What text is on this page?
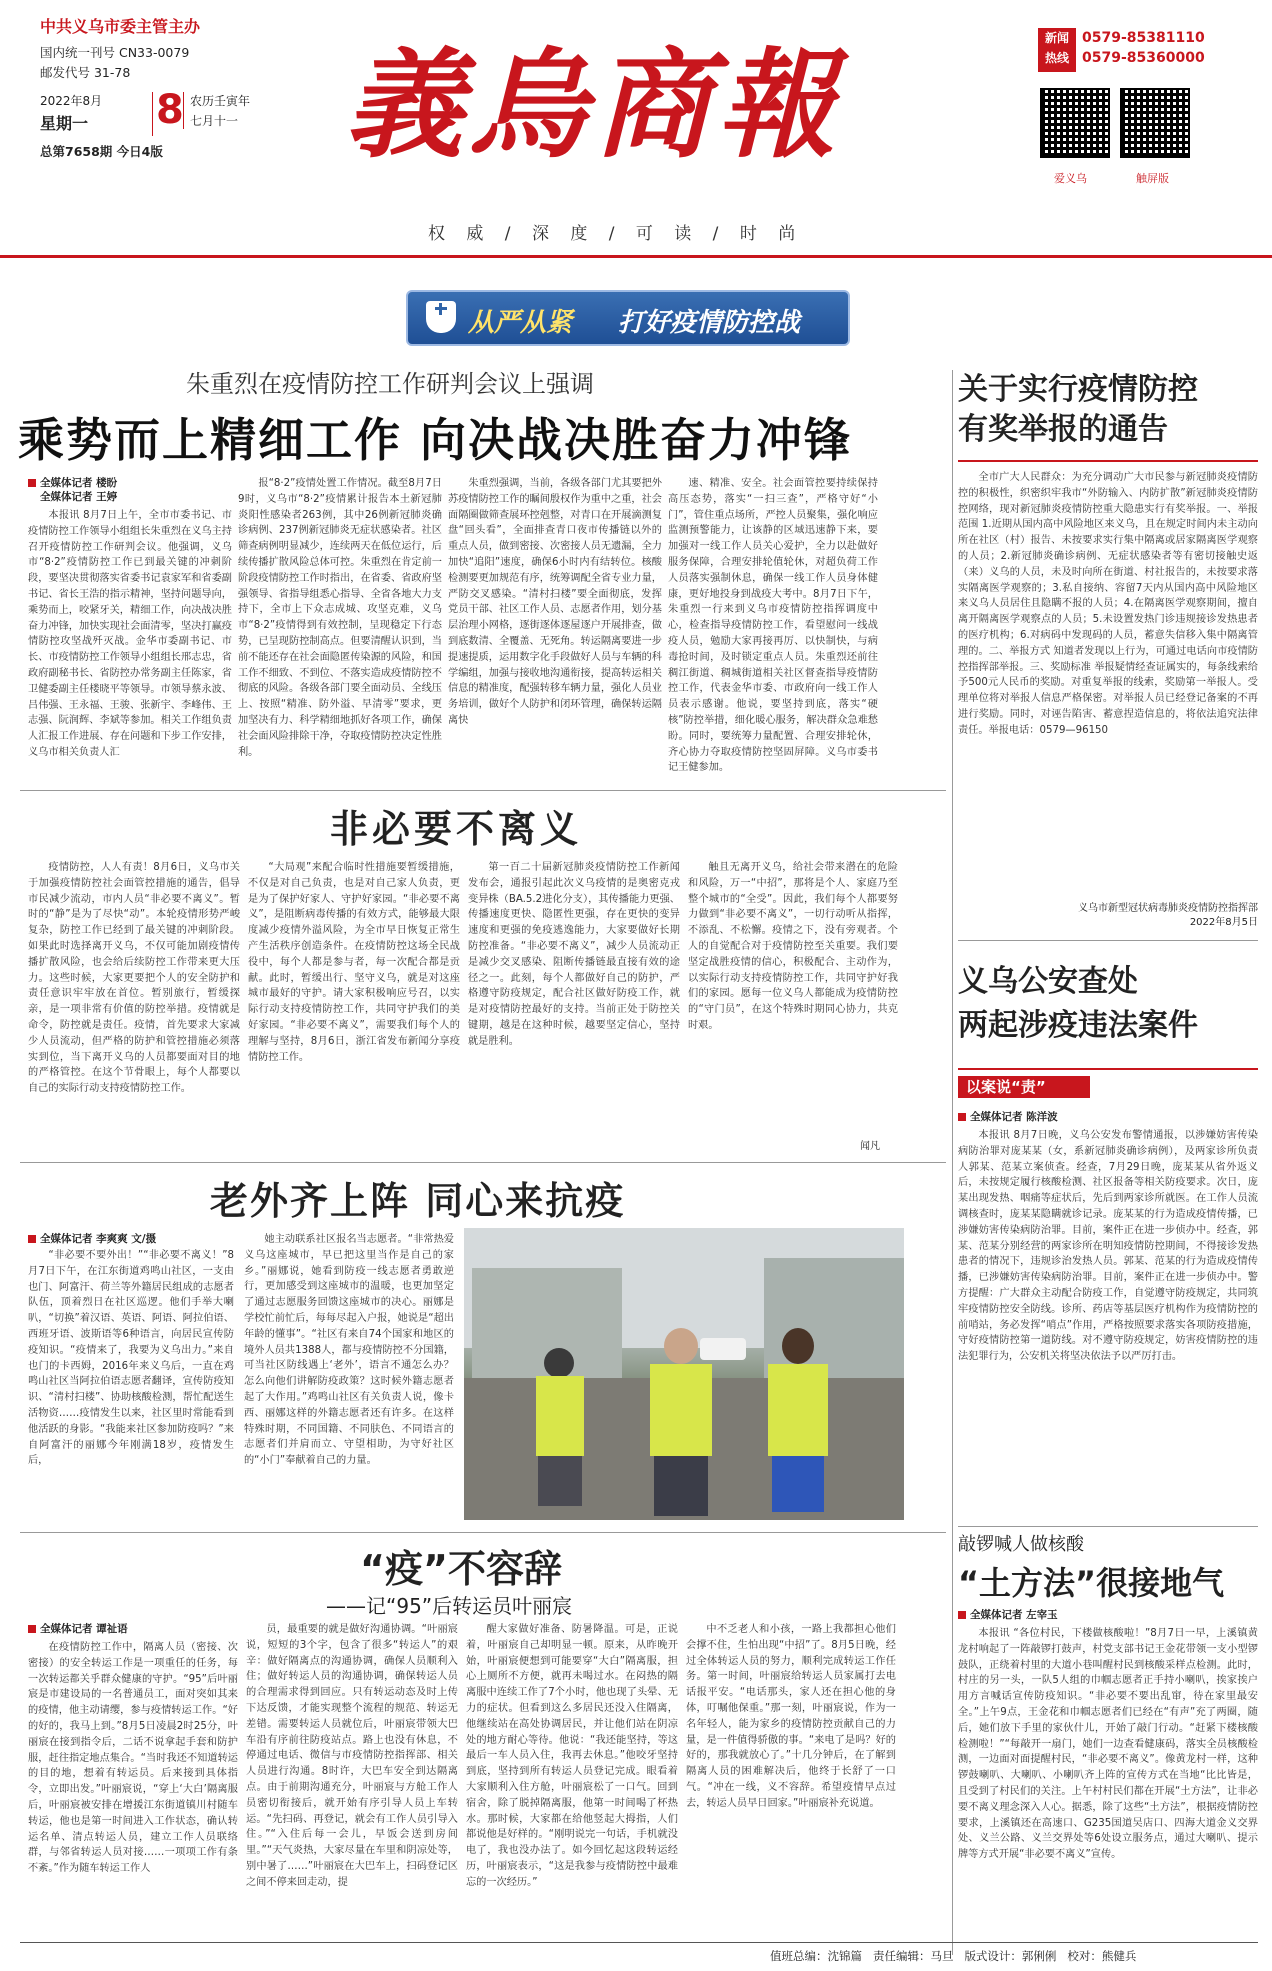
中共义乌市委主管主办
国内统一刊号 CN33-0079
邮发代号 31-78
2022年8月
星期一	8 农历壬寅年
七月十一
总第7658期 今日4版 義烏商報
权 威 / 深 度 / 可 读 / 时 尚
新闻
热线
0579-85381110
0579-85360000
爱义乌	触屏版
从严从紧 打好疫情防控战
朱重烈在疫情防控工作研判会议上强调
乘势而上精细工作 向决战决胜奋力冲锋
全媒体记者 楼盼
全媒体记者 王婷

本报讯 8月7日上午，全市市委书记、市疫情防控工作领导小组组长朱重烈在义乌主持召开疫情防控工作研判会议。他强调，义乌市“8·2”疫情防控工作已到最关键的冲刺阶段，要坚决贯彻落实省委书记袁家军和省委副书记、省长王浩的指示精神，坚持问题导向，乘势而上，咬紧牙关，精细工作，向决战决胜奋力冲锋，加快实现社会面清零，坚决打赢疫情防控攻坚战歼灭战。金华市委副书记、市长、市疫情防控工作领导小组组长邢志忠，省政府副秘书长、省防控办常务副主任陈家，省卫健委副主任楼晓平等领导。市领导蔡永波、吕伟强、王永福、王骏、张新宇、李峰伟、王志强、阮润辉、李斌等参加。相关工作组负责人汇报工作进展、存在问题和下步工作安排，义乌市相关负责人汇

报“8·2”疫情处置工作情况。截至8月7日9时，义乌市“8·2”疫情累计报告本土新冠肺炎阳性感染者263例，其中26例新冠肺炎确诊病例、237例新冠肺炎无症状感染者。社区筛查病例明显减少，连续两天在低位运行，后续传播扩散风险总体可控。朱重烈在肯定前一阶段疫情防控工作时指出，在省委、省政府坚强领导、省指导组悉心指导、全省各地大力支持下，全市上下众志成城、攻坚克难，义乌市“8·2”疫情得到有效控制，呈现稳定下行态势，已呈现防控制高点。但要清醒认识到，当前不能还存在社会面隐匿传染源的风险，和国工作不细致、不到位、不落实造成疫情防控不彻底的风险。各级各部门要全面动员、全线压上、按照“精准、防外溢、早清零”要求，更加坚决有力、科学精细地抓好各项工作，确保社会面风险排除干净，夺取疫情防控决定性胜利。

朱重烈强调，当前，各级各部门尤其要把外苏疫情防控工作的瞩间殷权作为重中之重，社会面隔圈做筛查展环控剋整，对青口在开展滴测复盘“回头看”，全面排查青口夜市传播链以外的重点人员，做到密接、次密接人员无遗漏，全力加快“追阳”速度，确保6小时内有结转位。核酸检测要更加规范有序，统筹调配全省专业力量，严防交叉感染。“清村扫楼”要全面彻底，发挥党员干部、社区工作人员、志愿者作用，划分基层治理小网格，逐街逐体逐屋逐户开展排查，做到底数清、全覆盖、无死角。转运隔离要进一步提速提质，运用数字化手段做好人员与车辆的科学编组，加强与接收地沟通衔接，提高转运相关信息的精准度，配强转移车辆力量，强化人员业务培训，做好个人防护和闭环管理，确保转运隔离快

速、精准、安全。社会面管控要持续保持高压态势，落实“一扫三查”，严格守好“小门”，管住重点场所，严控人员聚集，强化响应监测预警能力，让该静的区域迅速静下来，要加强对一线工作人员关心爱护，全力以赴做好服务保障，合理安排轮值轮休，对超负荷工作人员落实强制休息，确保一线工作人员身体健康，更好地投身到战疫大考中。8月7日下午，朱重烈一行来到义乌市疫情防控指挥调度中心，检查指导疫情防控工作，看望慰问一线战疫人员，勉励大家再接再厉、以快制快，与病毒抢时间，及时锁定重点人员。朱重烈还前往稠江街道、稠城街道相关社区督查指导疫情防控工作，代表金华市委、市政府向一线工作人员表示感谢。他说，要坚持到底，落实“硬核”防控举措，细化暖心服务，解决群众急难愁盼。同时，要统筹力量配置、合理安排轮休，齐心协力夺取疫情防控坚固屏障。义乌市委书记王健参加。

关于实行疫情防控
有奖举报的通告

全市广大人民群众：为充分调动广大市民参与新冠肺炎疫情防控的积极性，织密织牢我市“外防输入、内防扩散”新冠肺炎疫情防控网络，现对新冠肺炎疫情防控重大隐患实行有奖举报。一、举报范围 1.近期从国内高中风险地区来义乌，且在规定时间内未主动向所在社区（村）报告、未按要求实行集中隔离或居家隔离医学观察的人员；2.新冠肺炎确诊病例、无症状感染者等有密切接触史返（来）义乌的人员，未及时向所在街道、村社报告的，未按要求落实隔离医学观察的；3.私自接纳、容留7天内从国内高中风险地区来义乌人员居住且隐瞒不报的人员；4.在隔离医学观察期间，擅自离开隔离医学观察点的人员；5.未设置发热门诊违规接诊发热患者的医疗机构；6.对病码中发现码的人员，蓄意失信移入集中隔离管理的。二、举报方式 知道者发现以上行为，可通过电话向市疫情防控指挥部举报。三、奖励标准 举报疑情经查证属实的，每条线索给予500元人民币的奖励。对重复举报的线索，奖励第一举报人。受理单位将对举报人信息严格保密。对举报人员已经登记备案的不再进行奖励。同时，对诬告陷害、蓄意捏造信息的，将依法追究法律责任。举报电话：0579—96150

义乌市新型冠状病毒肺炎疫情防控指挥部
2022年8月5日
义乌公安查处
两起涉疫违法案件
以案说“责”
全媒体记者 陈洋波

本报讯 8月7日晚，义乌公安发布警情通报，以涉嫌妨害传染病防治罪对庞某某（女，系新冠肺炎确诊病例），及两家诊所负责人郭某、范某立案侦查。经查，7月29日晚，庞某某从省外返义后，未按规定履行核酸检测、社区报备等相关防疫要求。次日，庞某出现发热、咽痛等症状后，先后到两家诊所就医。在工作人员流调核查时，庞某某隐瞒就诊记录。庞某某的行为造成疫情传播，已涉嫌妨害传染病防治罪。目前，案件正在进一步侦办中。经查，郭某、范某分别经营的两家诊所在明知疫情防控期间，不得接诊发热患者的情况下，违规诊治发热人员。郭某、范某的行为造成疫情传播，已涉嫌妨害传染病防治罪。目前，案件正在进一步侦办中。警方提醒：广大群众主动配合防疫工作，自觉遵守防疫规定，共同筑牢疫情防控安全防线。诊所、药店等基层医疗机构作为疫情防控的前哨站，务必发挥“哨点”作用，严格按照要求落实各项防疫措施，守好疫情防控第一道防线。对不遵守防疫规定，妨害疫情防控的违法犯罪行为，公安机关将坚决依法予以严厉打击。

敲锣喊人做核酸
“土方法”很接地气
全媒体记者 左宰玉

本报讯 “各位村民，下楼做核酸啦！”8月7日一早，上溪镇黄龙村响起了一阵敲锣打鼓声，村党支部书记王金花带领一支小型锣鼓队，正绕着村里的大道小巷叫醒村民到核酸采样点检测。此时，村庄的另一头，一队5人组的巾帼志愿者正手持小喇叭，挨家挨户用方言喊话宣传防疫知识。“非必要不要出乱窜，待在家里最安全。”上午9点，王金花和巾帼志愿者们已经在“有声”充了两圈，随后，她们放下手里的家伙什儿，开始了敲门行动。“赶紧下楼核酸检测啦！”“每敲开一扇门，她们一边查看健康码，落实全员核酸检测，一边面对面提醒村民，“非必要不离义”。像黄龙村一样，这种锣鼓喇叭、大喇叭、小喇叭齐上阵的宣传方式在当地“比比皆是，且受到了村民们的关注。上午村村民们都在开展“土方法”，让非必要不离义理念深入人心。据悉，除了这些“土方法”，根据疫情防控要求，上溪镇还在高速口、G235国道吴店口、四海大道金义交界处、义兰公路、义兰交界处等6处设立服务点，通过大喇叭、提示牌等方式开展“非必要不离义”宣传。

非必要不离义

疫情防控，人人有责！8月6日，义乌市关于加强疫情防控社会面管控措施的通告，倡导市民减少流动，市内人员“非必要不离义”。暂时的“静”是为了尽快“动”。本轮疫情形势严峻复杂，防控工作已经到了最关键的冲刺阶段。如果此时选择离开义乌，不仅可能加剧疫情传播扩散风险，也会给后续防控工作带来更大压力。这些时候，大家更要把个人的安全防护和责任意识牢牢放在首位。暂别旅行，暂缓探亲，是一项非常有价值的防控举措。疫情就是命令，防控就是责任。疫情，首先要求大家减少人员流动，但严格的防护和管控措施必须落实到位，当下离开义乌的人员都要面对目的地的严格管控。在这个节骨眼上，每个人都要以自己的实际行动支持疫情防控工作。

“大局观”来配合临时性措施要暂缓措施，不仅是对自己负责，也是对自己家人负责，更是为了保护好家人、守护好家园。“非必要不离义”，是阻断病毒传播的有效方式，能够最大限度减少疫情外溢风险，为全市早日恢复正常生产生活秩序创造条件。在疫情防控这场全民战役中，每个人都是参与者，每一次配合都是贡献。此时，暂缓出行、坚守义乌，就是对这座城市最好的守护。请大家积极响应号召，以实际行动支持疫情防控工作，共同守护我们的美好家园。“非必要不离义”，需要我们每个人的理解与坚持，8月6日，浙江省发布新闻分享疫情防控工作。

第一百二十届新冠肺炎疫情防控工作新闻发布会，通报引起此次义乌疫情的是奥密克戎变异株（BA.5.2进化分支），其传播能力更强、传播速度更快、隐匿性更强，存在更快的变异速度和更强的免疫逃逸能力，大家要做好长期防控准备。“非必要不离义”，减少人员流动正是减少交叉感染、阻断传播链最直接有效的途径之一。此刻，每个人都做好自己的防护，严格遵守防疫规定，配合社区做好防疫工作，就是对疫情防控最好的支持。当前正处于防控关键期，越是在这种时候，越要坚定信心，坚持就是胜利。

触且无离开义乌，给社会带来潜在的危险和风险，万一“中招”，那将是个人、家庭乃至整个城市的“全受”。因此，我们每个人都要努力做到“非必要不离义”，一切行动听从指挥，不添乱、不松懈。疫情之下，没有旁观者。个人的自觉配合对于疫情防控至关重要。我们要坚定战胜疫情的信心，积极配合、主动作为，以实际行动支持疫情防控工作，共同守护好我们的家园。愿每一位义乌人都能成为疫情防控的“守门员”，在这个特殊时期同心协力，共克时艰。

闻凡
老外齐上阵 同心来抗疫
全媒体记者 李爽爽 文/摄

“非必要不要外出！”“非必要不离义！”8月7日下午，在江东街道鸡鸣山社区，一支由也门、阿富汗、荷兰等外籍居民组成的志愿者队伍，顶着烈日在社区巡逻。他们手举大喇叭，“切换”着汉语、英语、阿语、阿拉伯语、西班牙语、波斯语等6种语言，向居民宣传防疫知识。“疫情来了，我要为义乌出力。”来自也门的卡西姆，2016年来义乌后，一直在鸡鸣山社区当阿拉伯语志愿者翻译，宣传防疫知识、“清村扫楼”、协助核酸检测，帮忙配送生活物资……疫情发生以来，社区里时常能看到他活跃的身影。“我能来社区参加防疫吗？”来自阿富汗的丽娜今年刚满18岁，疫情发生后，

她主动联系社区报名当志愿者。“非常热爱义乌这座城市，早已把这里当作是自己的家乡。”丽娜说，她看到防疫一线志愿者勇敢逆行，更加感受到这座城市的温暖，也更加坚定了通过志愿服务回馈这座城市的决心。丽娜是学校忙前忙后，每每尽起入户报，她说是“超出年龄的懂事”。“社区有来自74个国家和地区的境外人员共1388人，都与疫情防控不分国籍，可当社区防线遇上‘老外’，语言不通怎么办？怎么向他们讲解防疫政策？这时候外籍志愿者起了大作用。”鸡鸣山社区有关负责人说，像卡西、丽娜这样的外籍志愿者还有许多。在这样特殊时期，不同国籍、不同肤色、不同语言的志愿者们并肩而立、守望相助，为守好社区的“小门”奉献着自己的力量。

“疫”不容辞
——记“95”后转运员叶丽宸
全媒体记者 谭祉语

在疫情防控工作中，隔离人员（密接、次密接）的安全转运工作是一项重任的任务，每一次转运都关乎群众健康的守护。“95”后叶丽宸是市建设局的一名普通员工，面对突如其来的疫情，他主动请缨，参与疫情转运工作。“好的好的，我马上到。”8月5日凌晨2时25分，叶丽宸在接到指令后，二话不说拿起手套和防护服，赶往指定地点集合。“当时我还不知道转运的目的地，想着有转运员。后来接到具体指令，立即出发。”叶丽宸说，“穿上‘大白’隔离服后，叶丽宸被安排在增援江东街道镇川村随车转运，他也是第一时间进入工作状态，确认转运名单、清点转运人员，建立工作人员联络群，与邻省转运人员对接……一项项工作有条不紊。”作为随车转运工作人

员，最重要的就是做好沟通协调。“叶丽宸说，短短的3个字，包含了很多“转运人”的艰辛：做好隔离点的沟通协调，确保人员顺利入住；做好转运人员的沟通协调，确保转运人员的合理需求得到回应。只有转运动态及时上传下达反馈，才能实现整个流程的规范、转运无差错。需要转运人员就位后，叶丽宸带领大巴车沿有序前往防疫站点。路上也没有休息，不停通过电话、微信与市疫情防控指挥部、相关人员进行沟通。8时许，大巴车安全到达隔离点。由于前期沟通充分，叶丽宸与方舱工作人员密切衔接后，就开始有序引导人员上车转运。“先扫码、再登记，就会有工作人员引导入住。”“入住后每一会儿，早饭会送到房间里。”“天气炎热，大家尽量在车里和阴凉处等，别中暑了……”叶丽宸在大巴车上，扫码登记区之间不停来回走动，提

醒大家做好准备、防暑降温。可是，正说着，叶丽宸自己却明显一顿。原来，从昨晚开始，叶丽宸便想到可能要穿“大白”隔离服，担心上厕所不方便，就再未喝过水。在闷热的隔离服中连续工作了7个小时，他也现了头晕、无力的症状。但看到这么多居民还没入住隔离，他继续站在高处协调居民，并让他们站在阴凉处的地方耐心等待。他说：“我还能坚持，等这最后一车人员入住，我再去休息。”他咬牙坚持到底，坚持到所有转运人员登记完成。眼看着大家顺利入住方舱，叶丽宸松了一口气。回到宿舍，除了脱掉隔离服，他第一时间喝了杯热水。那时候，大家都在给他竖起大拇指，人们都说他是好样的。“刚明说完一句话，手机就没电了，我也没办法了。如今回忆起这段转运经历，叶丽宸表示，“这是我参与疫情防控中最难忘的一次经历。”

中不乏老人和小孩，一路上我都担心他们会撑不住，生怕出现“中招”了。8月5日晚，经过全体转运人员的努力，顺利完成转运工作任务。第一时间，叶丽宸给转运人员家属打去电话报平安。“电话那头，家人还在担心他的身体，叮嘱他保重。”那一刻，叶丽宸说，作为一名年轻人，能为家乡的疫情防控贡献自己的力量，是一件值得骄傲的事。“来电了是吗？好的好的，那我就放心了。”十几分钟后，在了解到隔离人员的困难解决后，他终于长舒了一口气。“冲在一线，义不容辞。希望疫情早点过去，转运人员早日回家。”叶丽宸补充说道。

值班总编：沈锦篇 责任编辑：马旦 版式设计：郭俐俐 校对：熊健兵
